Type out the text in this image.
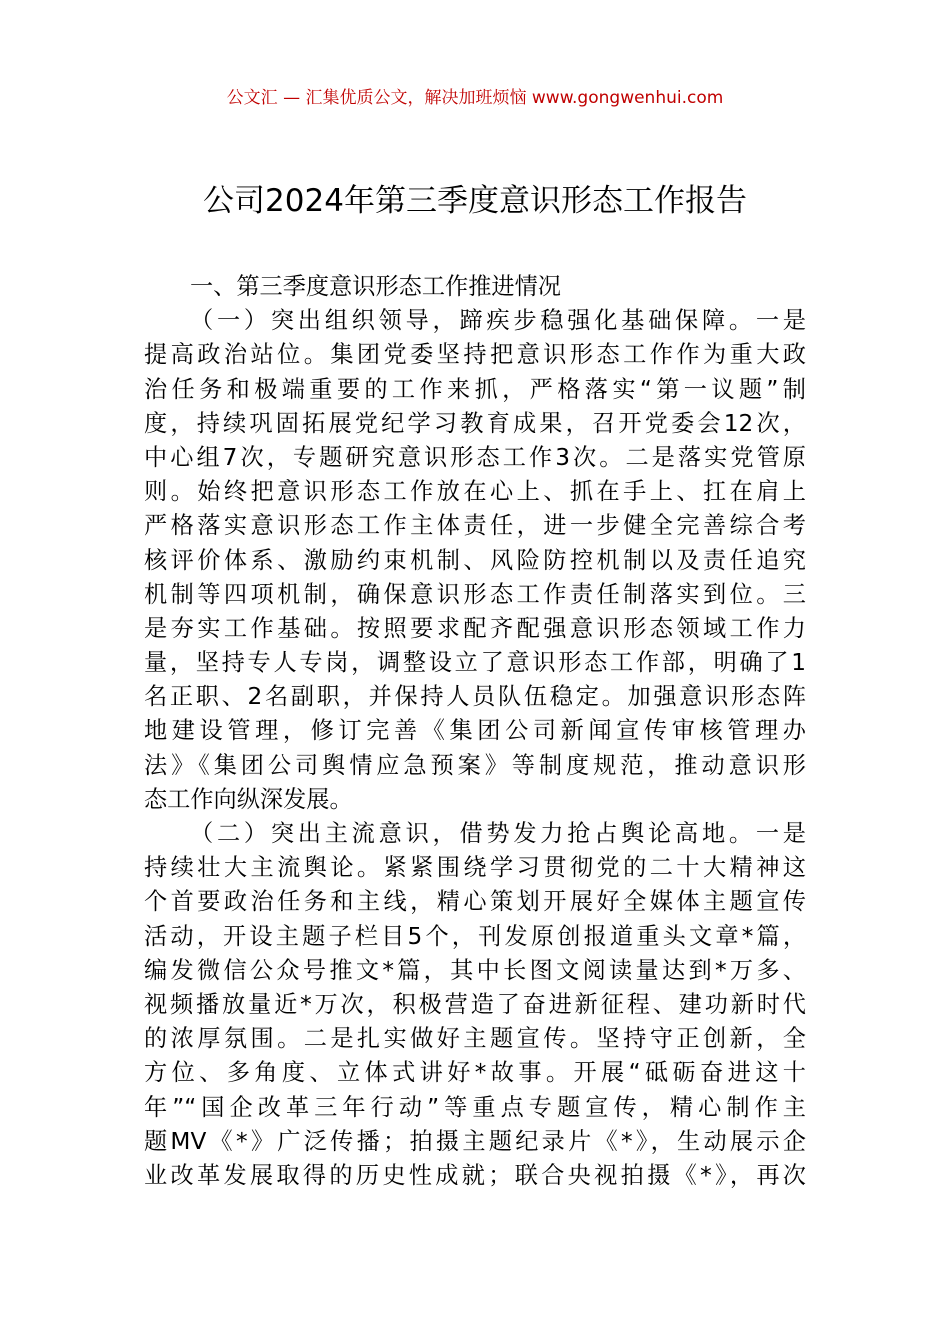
公文汇 — 汇集优质公文，解决加班烦恼 www.gongwenhui.com
公司2024年第三季度意识形态工作报告
一、第三季度意识形态工作推进情况
（一）突出组织领导，蹄疾步稳强化基础保障。一是
提高政治站位。集团党委坚持把意识形态工作作为重大政
治任务和极端重要的工作来抓，严格落实“第一议题”制
度，持续巩固拓展党纪学习教育成果，召开党委会12次，
中心组7次，专题研究意识形态工作3次。二是落实党管原
则。始终把意识形态工作放在心上、抓在手上、扛在肩上
严格落实意识形态工作主体责任，进一步健全完善综合考
核评价体系、激励约束机制、风险防控机制以及责任追究
机制等四项机制，确保意识形态工作责任制落实到位。三
是夯实工作基础。按照要求配齐配强意识形态领域工作力
量，坚持专人专岗，调整设立了意识形态工作部，明确了1
名正职、2名副职，并保持人员队伍稳定。加强意识形态阵
地建设管理，修订完善《集团公司新闻宣传审核管理办
法》《集团公司舆情应急预案》等制度规范，推动意识形
态工作向纵深发展。
（二）突出主流意识，借势发力抢占舆论高地。一是
持续壮大主流舆论。紧紧围绕学习贯彻党的二十大精神这
个首要政治任务和主线，精心策划开展好全媒体主题宣传
活动，开设主题子栏目5个，刊发原创报道重头文章*篇，
编发微信公众号推文*篇，其中长图文阅读量达到*万多、
视频播放量近*万次，积极营造了奋进新征程、建功新时代
的浓厚氛围。二是扎实做好主题宣传。坚持守正创新，全
方位、多角度、立体式讲好*故事。开展“砥砺奋进这十
年”“国企改革三年行动”等重点专题宣传，精心制作主
题MV《*》广泛传播；拍摄主题纪录片《*》，生动展示企
业改革发展取得的历史性成就；联合央视拍摄《*》，再次
